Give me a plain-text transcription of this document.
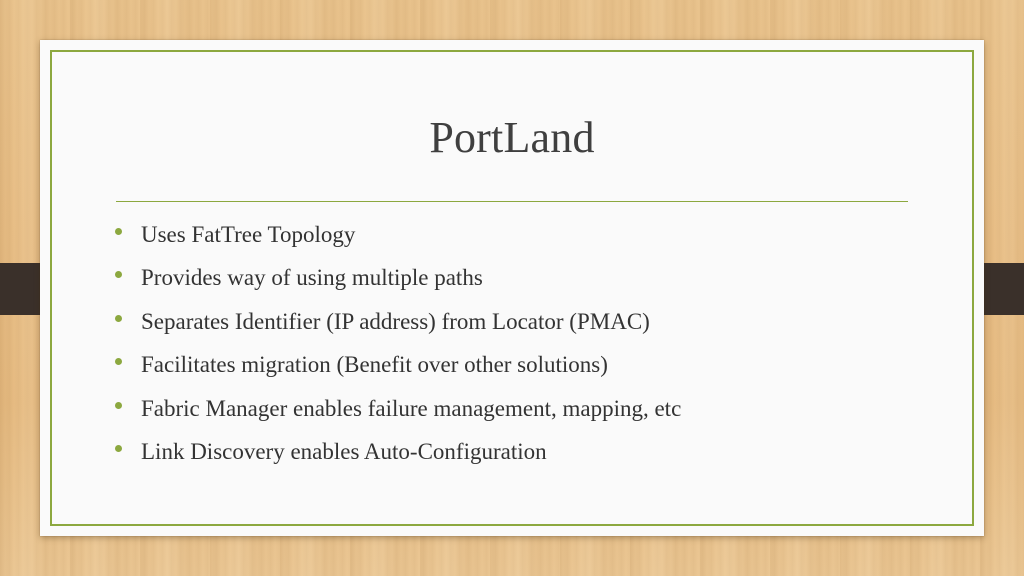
PortLand
Uses FatTree Topology
Provides way of using multiple paths
Separates Identifier (IP address) from Locator (PMAC)
Facilitates migration (Benefit over other solutions)
Fabric Manager enables failure management, mapping, etc
Link Discovery enables Auto-Configuration
